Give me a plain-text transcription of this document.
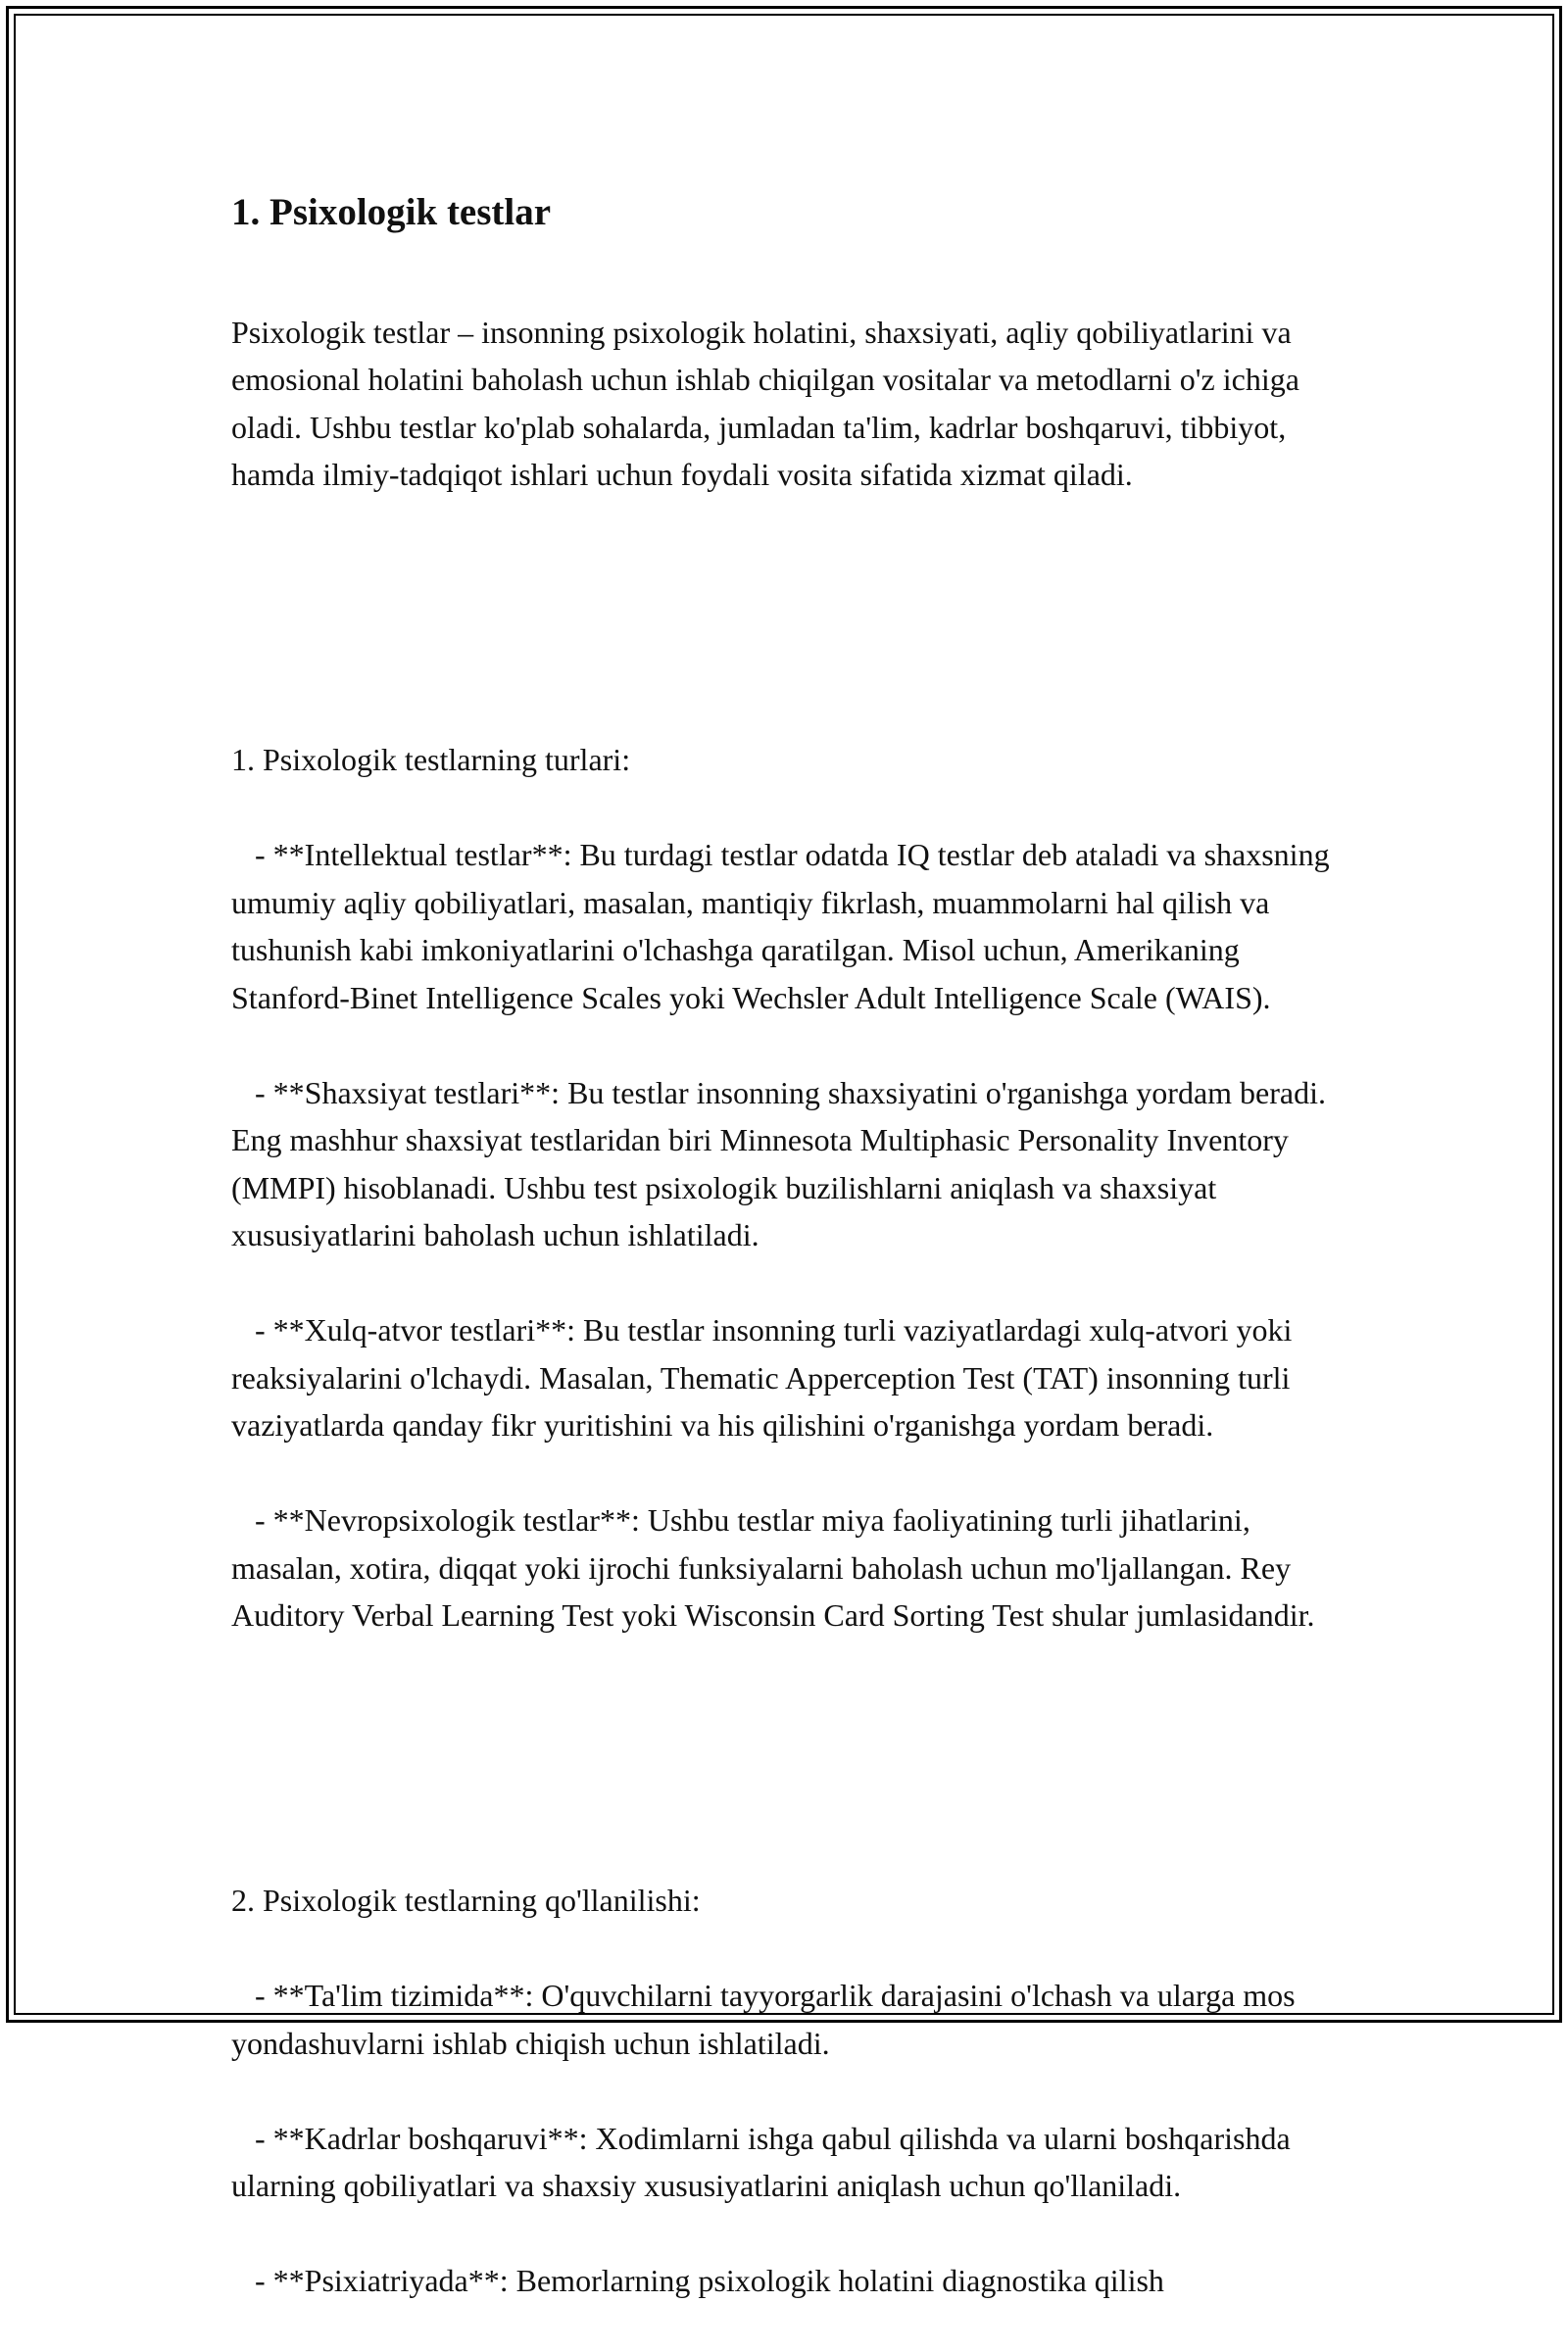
1. Psixologik testlar

Psixologik testlar – insonning psixologik holatini, shaxsiyati, aqliy qobiliyatlarini va emosional holatini baholash uchun ishlab chiqilgan vositalar va metodlarni o'z ichiga oladi. Ushbu testlar ko'plab sohalarda, jumladan ta'lim, kadrlar boshqaruvi, tibbiyot, hamda ilmiy-tadqiqot ishlari uchun foydali vosita sifatida xizmat qiladi.

1. Psixologik testlarning turlari:

- **Intellektual testlar**: Bu turdagi testlar odatda IQ testlar deb ataladi va shaxsning umumiy aqliy qobiliyatlari, masalan, mantiqiy fikrlash, muammolarni hal qilish va tushunish kabi imkoniyatlarini o'lchashga qaratilgan. Misol uchun, Amerikaning Stanford-Binet Intelligence Scales yoki Wechsler Adult Intelligence Scale (WAIS).

- **Shaxsiyat testlari**: Bu testlar insonning shaxsiyatini o'rganishga yordam beradi. Eng mashhur shaxsiyat testlaridan biri Minnesota Multiphasic Personality Inventory (MMPI) hisoblanadi. Ushbu test psixologik buzilishlarni aniqlash va shaxsiyat xususiyatlarini baholash uchun ishlatiladi.

- **Xulq-atvor testlari**: Bu testlar insonning turli vaziyatlardagi xulq-atvori yoki reaksiyalarini o'lchaydi. Masalan, Thematic Apperception Test (TAT) insonning turli vaziyatlarda qanday fikr yuritishini va his qilishini o'rganishga yordam beradi.

- **Nevropsixologik testlar**: Ushbu testlar miya faoliyatining turli jihatlarini, masalan, xotira, diqqat yoki ijrochi funksiyalarni baholash uchun mo'ljallangan. Rey Auditory Verbal Learning Test yoki Wisconsin Card Sorting Test shular jumlasidandir.

2. Psixologik testlarning qo'llanilishi:

- **Ta'lim tizimida**: O'quvchilarni tayyorgarlik darajasini o'lchash va ularga mos yondashuvlarni ishlab chiqish uchun ishlatiladi.

- **Kadrlar boshqaruvi**: Xodimlarni ishga qabul qilishda va ularni boshqarishda ularning qobiliyatlari va shaxsiy xususiyatlarini aniqlash uchun qo'llaniladi.

- **Psixiatriyada**: Bemorlarning psixologik holatini diagnostika qilish
